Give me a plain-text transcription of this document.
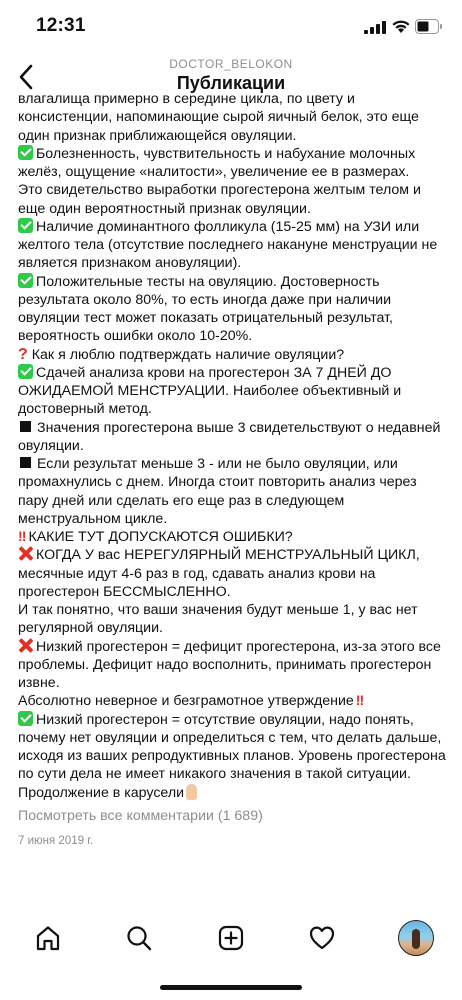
12:31
DOCTOR_BELOKON
Публикации

влагалища примерно в середине цикла, по цвету и консистенции, напоминающие сырой яичный белок, это еще один признак приближающейся овуляции.

Болезненность, чувствительность и набухание молочных желёз, ощущение «налитости», увеличение ее в размерах.

Это свидетельство выработки прогестерона желтым телом и еще один вероятностный признак овуляции.

Наличие доминантного фолликула (15-25 мм) на УЗИ или желтого тела (отсутствие последнего накануне менструации не является признаком ановуляции).

Положительные тесты на овуляцию. Достоверность результата около 80%, то есть иногда даже при наличии овуляции тест может показать отрицательный результат, вероятность ошибки около 10-20%.

? Как я люблю подтверждать наличие овуляции?

Сдачей анализа крови на прогестерон ЗА 7 ДНЕЙ ДО ОЖИДАЕМОЙ МЕНСТРУАЦИИ. Наиболее объективный и достоверный метод.

Значения прогестерона выше 3 свидетельствуют о недавней овуляции.

Если результат меньше 3 - или не было овуляции, или промахнулись с днем. Иногда стоит повторить анализ через пару дней или сделать его еще раз в следующем менструальном цикле.

!! КАКИЕ ТУТ ДОПУСКАЮТСЯ ОШИБКИ?

КОГДА У вас НЕРЕГУЛЯРНЫЙ МЕНСТРУАЛЬНЫЙ ЦИКЛ, месячные идут 4-6 раз в год, сдавать анализ крови на прогестерон БЕССМЫСЛЕННО.

И так понятно, что ваши значения будут меньше 1, у вас нет регулярной овуляции.

Низкий прогестерон = дефицит прогестерона, из-за этого все проблемы. Дефицит надо восполнить, принимать прогестерон извне.

Абсолютно неверное и безграмотное утверждение !!

Низкий прогестерон = отсутствие овуляции, надо понять, почему нет овуляции и определиться с тем, что делать дальше, исходя из ваших репродуктивных планов. Уровень прогестерона по сути дела не имеет никакого значения в такой ситуации.

Продолжение в карусели

Посмотреть все комментарии (1 689)
7 июня 2019 г.
